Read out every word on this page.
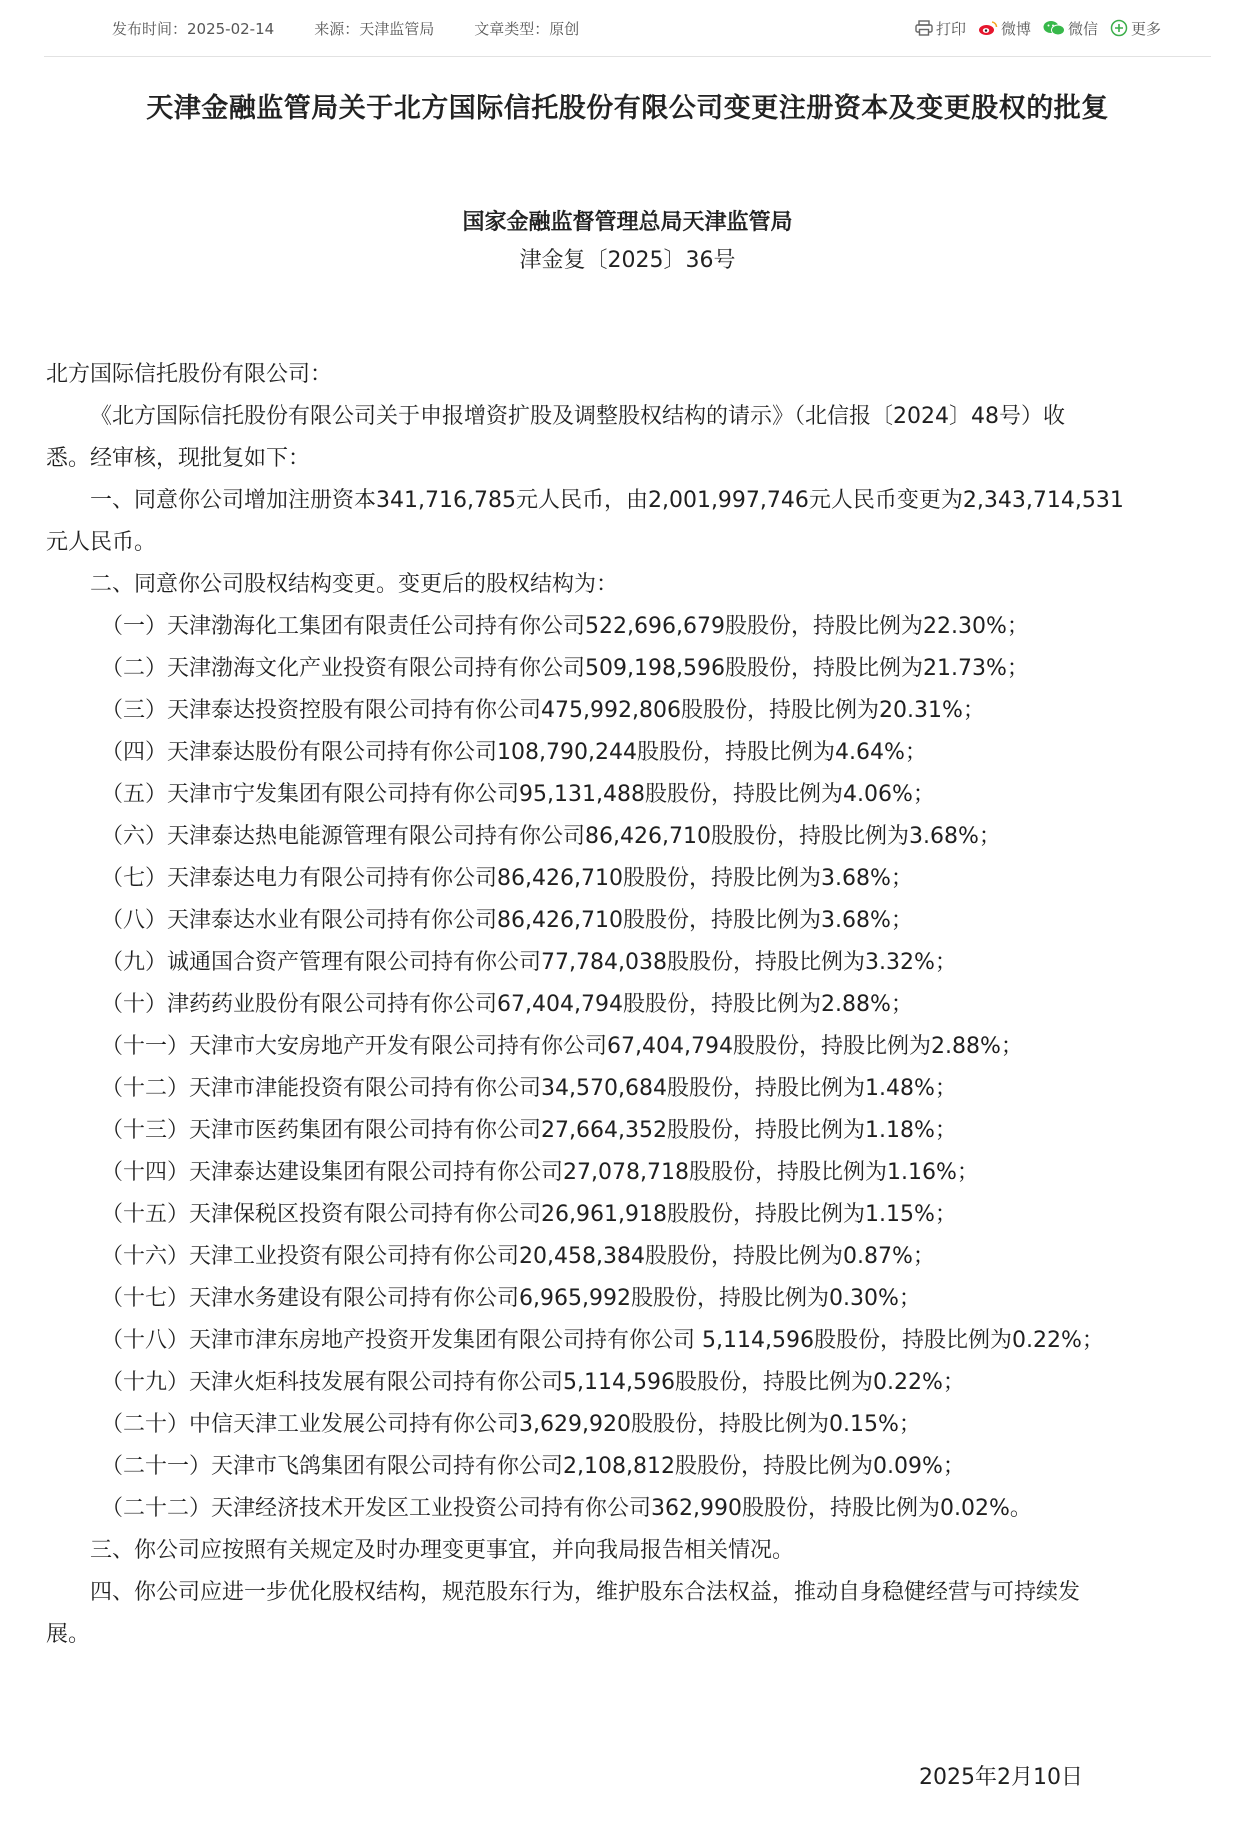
发布时间：2025-02-14	来源：天津监管局	文章类型：原创	打印 微博 微信 更多
天津金融监管局关于北方国际信托股份有限公司变更注册资本及变更股权的批复
国家金融监督管理总局天津监管局
津金复〔2025〕36号

北方国际信托股份有限公司：

《北方国际信托股份有限公司关于申报增资扩股及调整股权结构的请示》（北信报〔2024〕48号）收

悉。经审核，现批复如下：

一、同意你公司增加注册资本341,716,785元人民币，由2,001,997,746元人民币变更为2,343,714,531

元人民币。

二、同意你公司股权结构变更。变更后的股权结构为：

（一）天津渤海化工集团有限责任公司持有你公司522,696,679股股份，持股比例为22.30%；
（二）天津渤海文化产业投资有限公司持有你公司509,198,596股股份，持股比例为21.73%；
（三）天津泰达投资控股有限公司持有你公司475,992,806股股份，持股比例为20.31%；
（四）天津泰达股份有限公司持有你公司108,790,244股股份，持股比例为4.64%；
（五）天津市宁发集团有限公司持有你公司95,131,488股股份，持股比例为4.06%；
（六）天津泰达热电能源管理有限公司持有你公司86,426,710股股份，持股比例为3.68%；
（七）天津泰达电力有限公司持有你公司86,426,710股股份，持股比例为3.68%；
（八）天津泰达水业有限公司持有你公司86,426,710股股份，持股比例为3.68%；
（九）诚通国合资产管理有限公司持有你公司77,784,038股股份，持股比例为3.32%；
（十）津药药业股份有限公司持有你公司67,404,794股股份，持股比例为2.88%；
（十一）天津市大安房地产开发有限公司持有你公司67,404,794股股份，持股比例为2.88%；
（十二）天津市津能投资有限公司持有你公司34,570,684股股份，持股比例为1.48%；
（十三）天津市医药集团有限公司持有你公司27,664,352股股份，持股比例为1.18%；
（十四）天津泰达建设集团有限公司持有你公司27,078,718股股份，持股比例为1.16%；
（十五）天津保税区投资有限公司持有你公司26,961,918股股份，持股比例为1.15%；
（十六）天津工业投资有限公司持有你公司20,458,384股股份，持股比例为0.87%；
（十七）天津水务建设有限公司持有你公司6,965,992股股份，持股比例为0.30%；
（十八）天津市津东房地产投资开发集团有限公司持有你公司 5,114,596股股份，持股比例为0.22%；
（十九）天津火炬科技发展有限公司持有你公司5,114,596股股份，持股比例为0.22%；
（二十）中信天津工业发展公司持有你公司3,629,920股股份，持股比例为0.15%；
（二十一）天津市飞鸽集团有限公司持有你公司2,108,812股股份，持股比例为0.09%；
（二十二）天津经济技术开发区工业投资公司持有你公司362,990股股份，持股比例为0.02%。

三、你公司应按照有关规定及时办理变更事宜，并向我局报告相关情况。

四、你公司应进一步优化股权结构，规范股东行为，维护股东合法权益，推动自身稳健经营与可持续发

展。

2025年2月10日
